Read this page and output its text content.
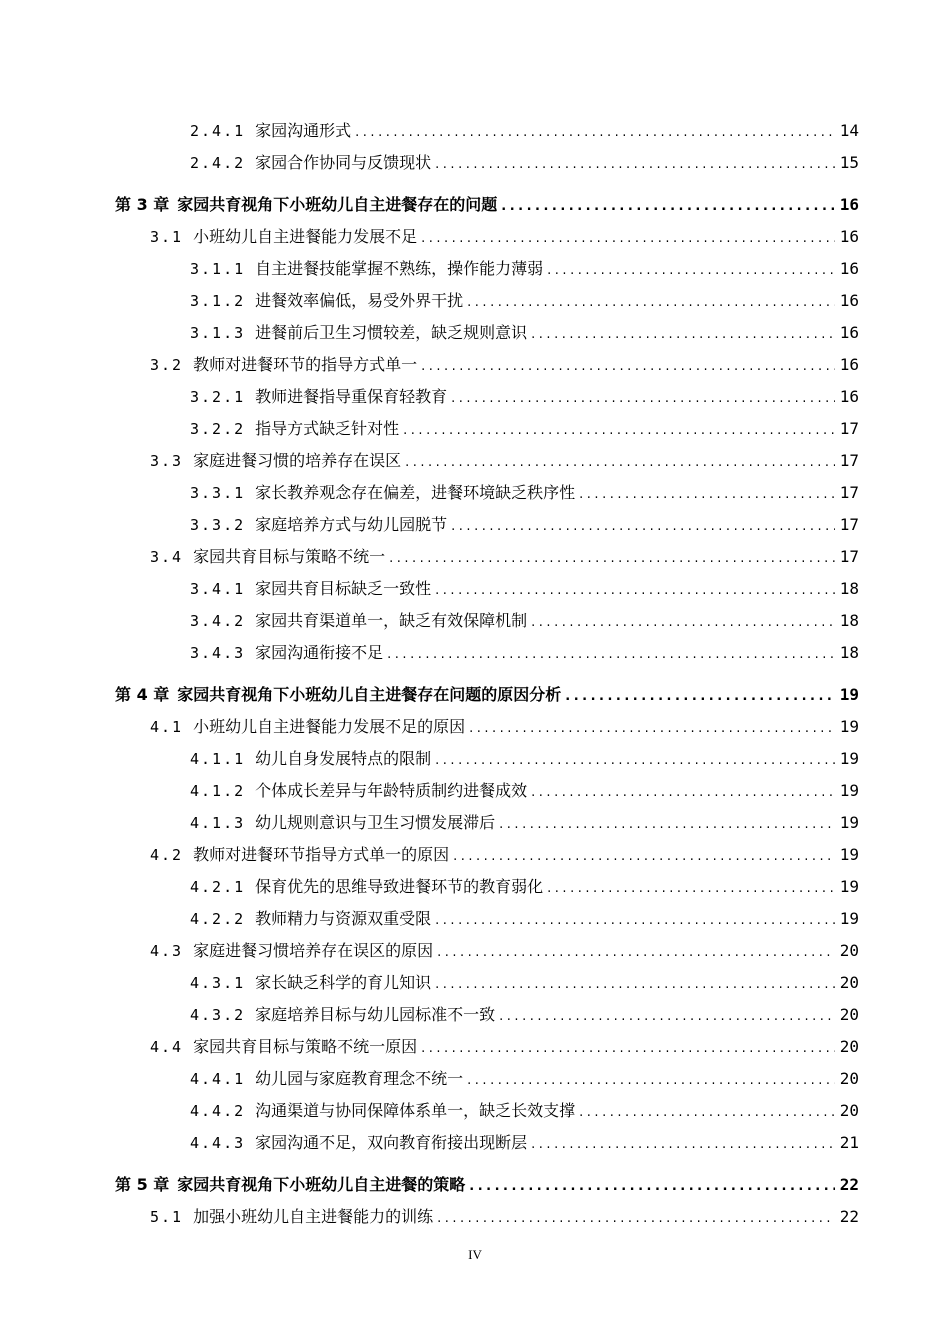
2.4.1 家园沟通形式 .....	14
2.4.2 家园合作协同与反馈现状 .....	15
第 3 章 家园共育视角下小班幼儿自主进餐存在的问题 .....	16
3.1 小班幼儿自主进餐能力发展不足 .....	16
3.1.1 自主进餐技能掌握不熟练，操作能力薄弱 .....	16
3.1.2 进餐效率偏低，易受外界干扰 .....	16
3.1.3 进餐前后卫生习惯较差，缺乏规则意识 .....	16
3.2 教师对进餐环节的指导方式单一 .....	16
3.2.1 教师进餐指导重保育轻教育 .....	16
3.2.2 指导方式缺乏针对性 .....	17
3.3 家庭进餐习惯的培养存在误区 .....	17
3.3.1 家长教养观念存在偏差，进餐环境缺乏秩序性 .....	17
3.3.2 家庭培养方式与幼儿园脱节 .....	17
3.4 家园共育目标与策略不统一 .....	17
3.4.1 家园共育目标缺乏一致性 .....	18
3.4.2 家园共育渠道单一，缺乏有效保障机制 .....	18
3.4.3 家园沟通衔接不足 .....	18
第 4 章 家园共育视角下小班幼儿自主进餐存在问题的原因分析 .....	19
4.1 小班幼儿自主进餐能力发展不足的原因 .....	19
4.1.1 幼儿自身发展特点的限制 .....	19
4.1.2 个体成长差异与年龄特质制约进餐成效 .....	19
4.1.3 幼儿规则意识与卫生习惯发展滞后 .....	19
4.2 教师对进餐环节指导方式单一的原因 .....	19
4.2.1 保育优先的思维导致进餐环节的教育弱化 .....	19
4.2.2 教师精力与资源双重受限 .....	19
4.3 家庭进餐习惯培养存在误区的原因 .....	20
4.3.1 家长缺乏科学的育儿知识 .....	20
4.3.2 家庭培养目标与幼儿园标准不一致 .....	20
4.4 家园共育目标与策略不统一原因 .....	20
4.4.1 幼儿园与家庭教育理念不统一 .....	20
4.4.2 沟通渠道与协同保障体系单一，缺乏长效支撑 .....	20
4.4.3 家园沟通不足，双向教育衔接出现断层 .....	21
第 5 章 家园共育视角下小班幼儿自主进餐的策略 .....	22
5.1 加强小班幼儿自主进餐能力的训练 .....	22
IV
